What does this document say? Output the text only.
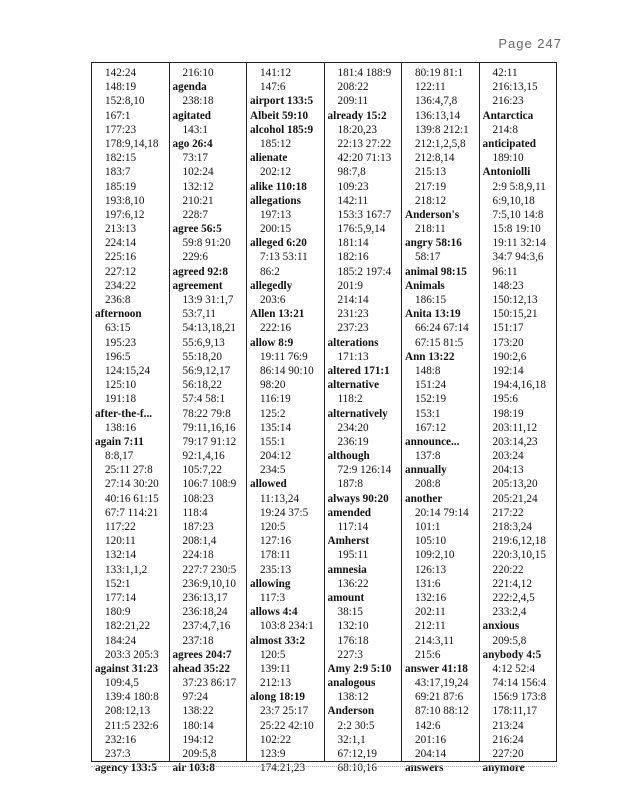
Page 247
142:24
148:19
152:8,10
167:1
177:23
178:9,14,18
182:15
183:7
185:19
193:8,10
197:6,12
213:13
224:14
225:16
227:12
234:22
236:8
afternoon
63:15
195:23
196:5
124:15,24
125:10
191:18
after-the-f...
138:16
again 7:11
8:8,17
25:11 27:8
27:14 30:20
40:16 61:15
67:7 114:21
117:22
120:11
132:14
133:1,1,2
152:1
177:14
180:9
182:21,22
184:24
203:3 205:3
against 31:23
109:4,5
139:4 180:8
208:12,13
211:5 232:6
232:16
237:3
agency 133:5
216:10
agenda
238:18
agitated
143:1
ago 26:4
73:17
102:24
132:12
210:21
228:7
agree 56:5
59:8 91:20
229:6
agreed 92:8
agreement
13:9 31:1,7
53:7,11
54:13,18,21
55:6,9,13
55:18,20
56:9,12,17
56:18,22
57:4 58:1
78:22 79:8
79:11,16,16
79:17 91:12
92:1,4,16
105:7,22
106:7 108:9
108:23
118:4
187:23
208:1,4
224:18
227:7 230:5
236:9,10,10
236:13,17
236:18,24
237:4,7,16
237:18
agrees 204:7
ahead 35:22
37:23 86:17
97:24
138:22
180:14
194:12
209:5,8
air 103:8
141:12
147:6
airport 133:5
Albeit 59:10
alcohol 185:9
185:12
alienate
202:12
alike 110:18
allegations
197:13
200:15
alleged 6:20
7:13 53:11
86:2
allegedly
203:6
Allen 13:21
222:16
allow 8:9
19:11 76:9
86:14 90:10
98:20
116:19
125:2
135:14
155:1
204:12
234:5
allowed
11:13,24
19:24 37:5
120:5
127:16
178:11
235:13
allowing
117:3
allows 4:4
103:8 234:1
almost 33:2
120:5
139:11
212:13
along 18:19
23:7 25:17
25:22 42:10
102:22
123:9
174:21,23
181:4 188:9
208:22
209:11
already 15:2
18:20,23
22:13 27:22
42:20 71:13
98:7,8
109:23
142:11
153:3 167:7
176:5,9,14
181:14
182:16
185:2 197:4
201:9
214:14
231:23
237:23
alterations
171:13
altered 171:1
alternative
118:2
alternatively
234:20
236:19
although
72:9 126:14
187:8
always 90:20
amended
117:14
Amherst
195:11
amnesia
136:22
amount
38:15
132:10
176:18
227:3
Amy 2:9 5:10
analogous
138:12
Anderson
2:2 30:5
32:1,1
67:12,19
68:10,16
80:19 81:1
122:11
136:4,7,8
136:13,14
139:8 212:1
212:1,2,5,8
212:8,14
215:13
217:19
218:12
Anderson's
218:11
angry 58:16
58:17
animal 98:15
Animals
186:15
Anita 13:19
66:24 67:14
67:15 81:5
Ann 13:22
148:8
151:24
152:19
153:1
167:12
announce...
137:8
annually
208:8
another
20:14 79:14
101:1
105:10
109:2,10
126:13
131:6
132:16
202:11
212:11
214:3,11
215:6
answer 41:18
43:17,19,24
69:21 87:6
87:10 88:12
142:6
201:16
204:14
answers
42:11
216:13,15
216:23
Antarctica
214:8
anticipated
189:10
Antoniolli
2:9 5:8,9,11
6:9,10,18
7:5,10 14:8
15:8 19:10
19:11 32:14
34:7 94:3,6
96:11
148:23
150:12,13
150:15,21
151:17
173:20
190:2,6
192:14
194:4,16,18
195:6
198:19
203:11,12
203:14,23
203:24
204:13
205:13,20
205:21,24
217:22
218:3,24
219:6,12,18
220:3,10,15
220:22
221:4,12
222:2,4,5
233:2,4
anxious
209:5,8
anybody 4:5
4:12 52:4
74:14 156:4
156:9 173:8
178:11,17
213:24
216:24
227:20
anymore
